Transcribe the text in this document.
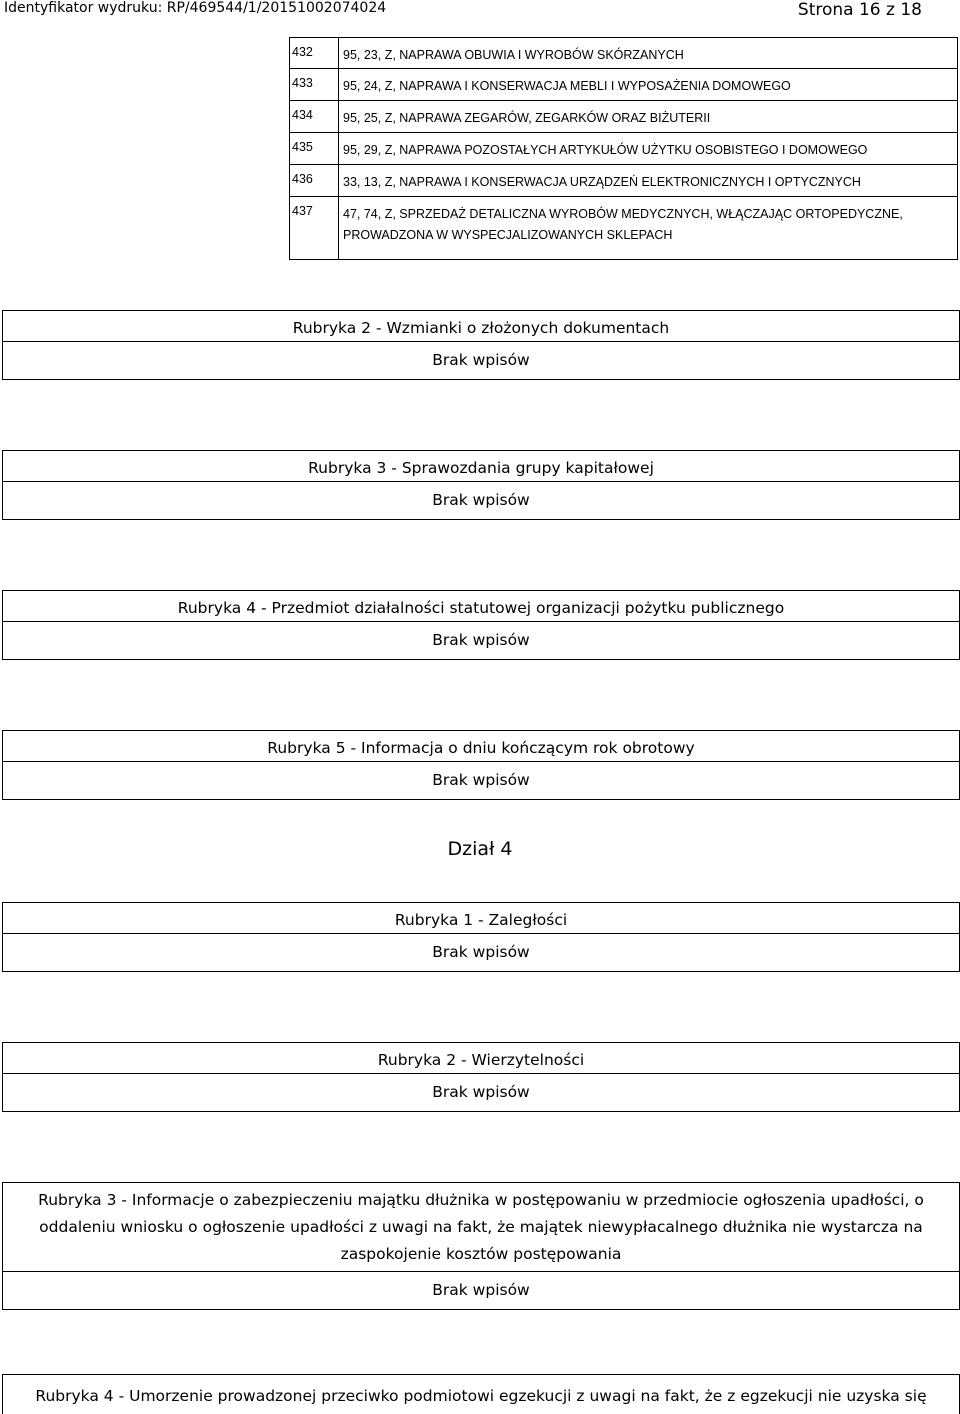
Identyfikator wydruku: RP/469544/1/20151002074024	Strona 16 z 18
432	95, 23, Z, NAPRAWA OBUWIA I WYROBÓW SKÓRZANYCH
433	95, 24, Z, NAPRAWA I KONSERWACJA MEBLI I WYPOSAŻENIA DOMOWEGO
434	95, 25, Z, NAPRAWA ZEGARÓW, ZEGARKÓW ORAZ BIŻUTERII
435	95, 29, Z, NAPRAWA POZOSTAŁYCH ARTYKUŁÓW UŻYTKU OSOBISTEGO I DOMOWEGO
436	33, 13, Z, NAPRAWA I KONSERWACJA URZĄDZEŃ ELEKTRONICZNYCH I OPTYCZNYCH
437	47, 74, Z, SPRZEDAŻ DETALICZNA WYROBÓW MEDYCZNYCH, WŁĄCZAJĄC ORTOPEDYCZNE, PROWADZONA W WYSPECJALIZOWANYCH SKLEPACH
Rubryka 2 - Wzmianki o złożonych dokumentach
Brak wpisów
Rubryka 3 - Sprawozdania grupy kapitałowej
Brak wpisów
Rubryka 4 - Przedmiot działalności statutowej organizacji pożytku publicznego
Brak wpisów
Rubryka 5 - Informacja o dniu kończącym rok obrotowy
Brak wpisów
Dział 4
Rubryka 1 - Zaległości
Brak wpisów
Rubryka 2 - Wierzytelności
Brak wpisów
Rubryka 3 - Informacje o zabezpieczeniu majątku dłużnika w postępowaniu w przedmiocie ogłoszenia upadłości, o oddaleniu wniosku o ogłoszenie upadłości z uwagi na fakt, że majątek niewypłacalnego dłużnika nie wystarcza na zaspokojenie kosztów postępowania
Brak wpisów
Rubryka 4 - Umorzenie prowadzonej przeciwko podmiotowi egzekucji z uwagi na fakt, że z egzekucji nie uzyska się
